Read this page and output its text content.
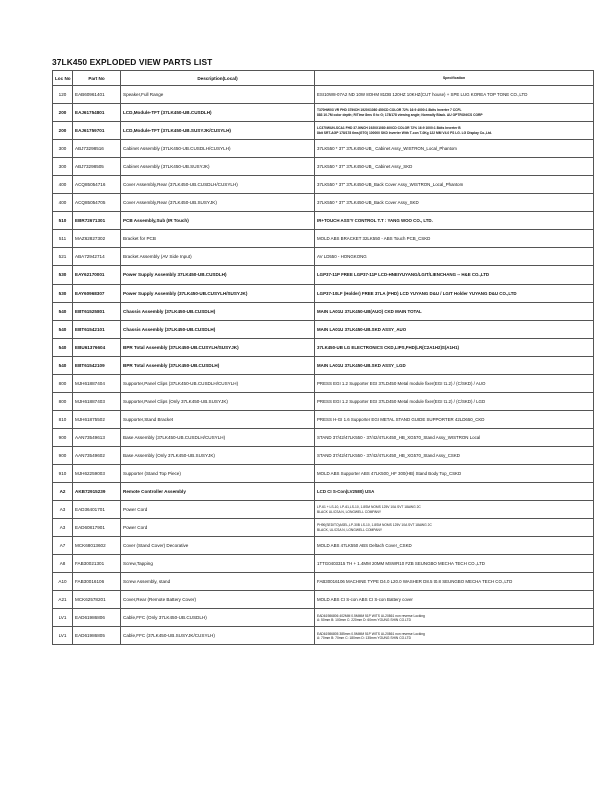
37LK450 EXPLODED VIEW PARTS LIST
Loc No	Part No	Description(Local)	Specification
120	EAB60961401	Speaker,Full Range	ESI10W8-07A2 ND 10W 8OHM 81DB 120HZ 10KHZ(CUT house) + SPE LUG KOREA TOP TONE CO.,LTD

200	EAJ61754801	LCD,Module-TFT (37LK450-UB.CUSDLH)	T370HW03 VR FHD 37INCH 1920X1080 450CD COLOR 72% 16:9 4000:1 8bits Inverter 7 CCFL
883 10.7M color depth; R/Time 8ms G to G; 178/178 viewing angle; Normally Black. AU OPTRONICS CORP

200	EAJ61759701	LCD,Module-TFT (37LK450-UB.SUSYJK/CUSYLH)	LC370WUN-SCA1 FHD 37.0INCH 1920X1080 400CD COLOR 72% 16:9 1000:1 8bits Inverter B
8bit SRT-AGP 178/178 6ms(GTG) 100000 SKD Inverter With T-con T-0Kg 122 MM V4.0 FS LG. LG Display Co.,Ltd.

300	ABJ73298516	Cabinet Assembly (37LK450-UB.CUSDLH/CUSYLH)	37LK550 * 37" 37LK450-UB_ Cabinet Assy_WISTRON_Local_Phantom

300	ABJ73298505	Cabinet Assembly (37LK450-UB.SUSYJK)	37LK550 * 37" 37LK450-UB_ Cabinet Assy_SKD

400	ACQ85054716	Cover Assembly,Rear (37LK450-UB.CUSDLH/CUSYLH)	37LK550 * 37" 37LK450-UB_Back Cover Assy_WISTRON_Local_Phantom

400	ACQ85054705	Cover Assembly,Rear (37LK450-UB.SUSYJK)	37LK550 * 37" 37LK450-UB_Back Cover Assy_SKD

510	EBR72671301	PCB Assembly,Sub (IR Touch)	IR+TOUCH ASS'Y CONTROL T.T : YANG WOO CO., LTD.

511	MAZ62827302	Bracket for PCB	MOLD ABS BRACKET 32LK550 - ABS Touch PCB_CSKD

521	ABA72942714	Bracket Assembly (AV Side Input)	AV LD550 - HONGKONG

530	EAY62170001	Power Supply Assembly 37LK450-UB.CUSDLH)	LGP37-11P FREE LGP37-11P LCD-HNEIYUYANG/LGIT/LIENCHANG -- H&E CO.,LTD

530	EAY60968307	Power Supply Assembly (37LK450-UB.CUSYLH/SUSYJK)	LGP37-10LF (Holder) FREE 37LA (FHD) LCD YUYANG D&U / LGIT Holder YUYANG D&U CO.,LTD

540	EBT61525801	Chassis Assembly (37LK450-UB.CUSDLH)	MAIN LA01U 37LK450-UB(AUO) CKD MAIN TOTAL

540	EBT61542101	Chassis Assembly (37LK450-UB.CUSDLH)	MAIN LA01U 37LK450-UB.SKD ASSY_AUO

540	EBU61376604	BPR Total Assembly (37LK450-UB.CUSYLH/SUSYJK)	37LK450-UB LG ELECTRONICS CKD,LIPS,FHD(LR(C2A1H2)S(A1H1)

540	EBT61542109	BPR Total Assembly (37LK450-UB.CUSDLH)	MAIN LA01U 37LK450-UB.SKD ASSY_LGD

800	MJH61887404	Supporter,Panel Clips (37LK450-UB.CUSDLH/CUSYLH)	PRESS EGI 1.2 Supporter EGI 37LD450 Metal module fixer(EGI t1.2) / (C/SKD) / AUO

800	MJH61887403	Supporter,Panel Clips (Only 37LK450-UB.SUSYJK)	PRESS EGI 1.2 Supporter EGI 37LD450 Metal module fixer(EGI t1.2) / (C/SKD) / LGD

810	MJH61875502	Supporter,Stand Bracket	PRESS H-GI 1.6 Supporter EGI METAL STAND GUIDE SUPPORTER 42LD650_CKD

900	AAN73549613	Base Assembly (37LK450-UB.CUSDLH/CUSYLH)	STAND 37/42/47LK550 - 37/42/47LK450_HB_XG570_Stand Assy_WISTRON Local

900	AAN73549602	Base Assembly (Only 37LK450-UB.SUSYJK)	STAND 37/42/47LK550 - 37/42/47LK450_HB_XG570_Stand Assy_CSKD

910	MJH62259003	Supporter (Stand Top Piece)	MOLD ABS Supporter ABS 47LK500_HF 300(HB) Stand Body Top_CSKD

A2	AKB72915239	Remote Controller Assembly	LCD CI S-Con(LV2580) USA

A3	EAD36401701	Power Cord	LP-61 + LS-10, LP-61,LS-10, 1.8SM NOMS 125V 10A SVT 18AWG 2C
BLACK UL/CSA N, LONGWELL COMPANY

A3	EAD60817901	Power Cord	PH90(SEDITO)ASEL,LP-30B LS-10, 1.8SM NOMS 125V 10A SVT 18AWG 2C
BLACK, UL/CSA N, LONGWELL COMPANY

A7	MCK68013602	Cover (Stand Cover) Decorative	MOLD ABS 47LK550 ABS Deltach Cover_CSKD

A8	FAB30021301	Screw,Tapping	1TTG0403315 TH + 1.4MM 20MM MSWR10 FZB SEUNGBO MECHA TECH CO.,LTD

A10	FAB30016106	Screw Assembly, stand	FAB30016106 MACHINE TYPE D4.0 L20.0 WASHER D8.5 t0.8 SEUNGBO MECHA TECH CO.,LTD

A21	MCK62578201	Cover,Rear (Remote Battery Cover)	MOLD ABS CI S-con ABS CI S-con Battery cover

LV1	EAD61986806	Cable,FFC (Only 37LK450-UB.CUSDLH)	EAD61986806 402MM 0.5MMM 51P WITS UL20861 non reverse Locking
A: 50mm B: 100mm C: 220mm D: 60mm YOUNG SHIN CO.LTD

LV1	EAD61986805	Cable,FFC (37LK450-UB.SUSYJK/CUSYLH)	EAD61986805 385mm 0.5MMM 51P WITS UL20861 non reverse Locking
A: 70mm B: 70mm C: 180mm D: 135mm YOUNG SHIN CO.LTD
